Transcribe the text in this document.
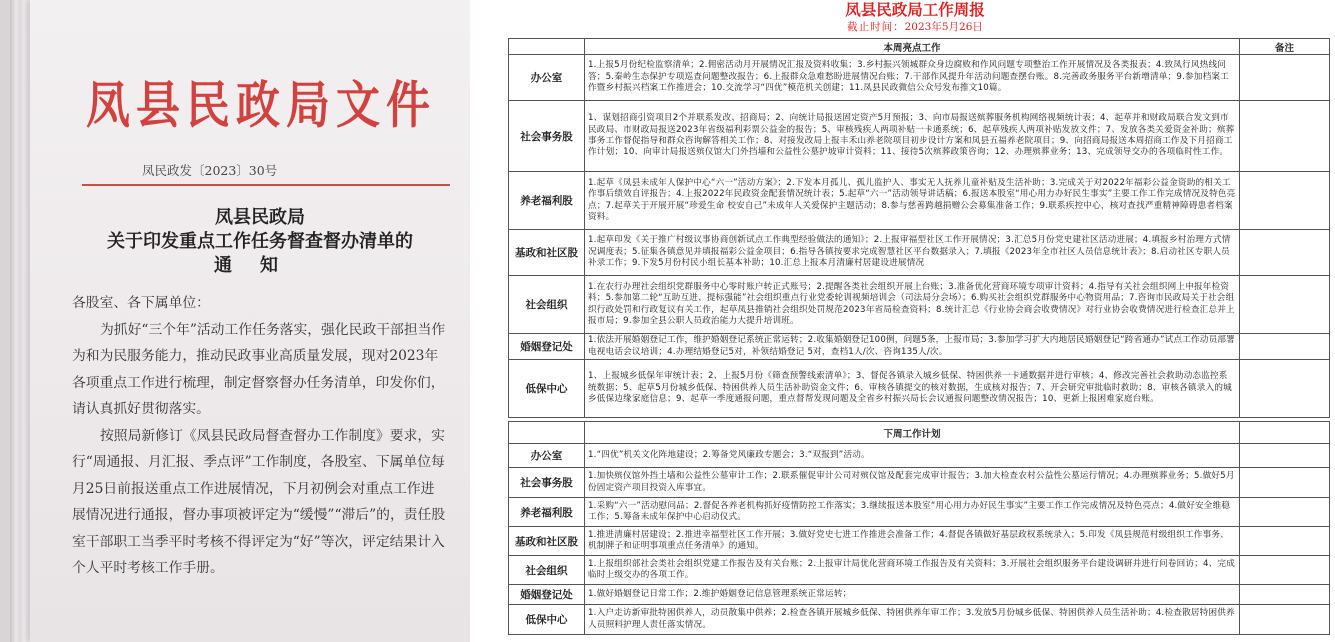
凤县民政局文件
凤民政发〔2023〕30号
凤县民政局
关于印发重点工作任务督查督办清单的
通知

各股室、各下属单位：

为抓好“三个年”活动工作任务落实，强化民政干部担当作为和为民服务能力，推动民政事业高质量发展，现对2023年各项重点工作进行梳理，制定督察督办任务清单，印发你们，请认真抓好贯彻落实。

按照局新修订《凤县民政局督查督办工作制度》要求，实行“周通报、月汇报、季点评”工作制度，各股室、下属单位每月25日前报送重点工作进展情况，下月初例会对重点工作进展情况进行通报，督办事项被评定为“缓慢”“滞后”的，责任股室干部职工当季平时考核不得评定为“好”等次，评定结果计入个人平时考核工作手册。

凤县民政局工作周报
截止时间：2023年5月26日
	本周亮点工作	备注
办公室	1.上报5月份纪检监察清单；2.佣密活动月开展情况汇报及资料收集；3.乡村振兴领城群众身边腐败和作风问题专项整治工作开展情况及各类报表；4.致凤行风热线问答；5.秦岭生态保护专项巡查问题整改报告；6.上报群众急难愁盼进展情况台账；7.干部作风提升年活动问题查摆台账。8.完善政务服务平台新增清单；9.参加档案工作暨乡村振兴档案工作推进会；10.交流学习“四优”模范机关创建；11.凤县民政微信公众号发布推文10篇。	
社会事务股	1、谋划招商引资项目2个并联系发改、招商局；2、向统计局报送固定资产5月预报；3、向市局报送殡葬服务机构网络视频统计表；4、起草并和财政局联合发文到市民政局、市财政局报送2023年省级福利彩票公益金的报告；5、审核残疾人两项补贴一卡通系统；6、起草残疾人两项补贴发放文件；7、发放各类关爱资金补助；殡葬事务工作督促指导和群众咨询解答相关工作；8、对接发改局上报丰禾山养老院项目初步设计方案和凤县五福养老院项目；9、向招商局报送本周招商工作及下月招商工作计划；10、向审计局报送殡仪馆大门外挡墙和公益性公墓护坡审计资料；11、接待5次殡葬政策咨询；12、办理殡葬业务；13、完成领导交办的各项临时性工作。	
养老福利股	1.起草《凤县未成年人保护中心“六一”活动方案》；2.下发本月孤儿、孤儿监护人、事实无人抚养儿童补贴及生活补助；3.完成关于对2022年福彩公益金资助的相关工作事后绩效自评报告；4.上报2022年民政资金配套情况统计表；5.起草“六一”活动领导讲话稿；6.报送本股室“用心用力办好民生事实”主要工作工作完成情况及特色亮点；7.起草关于开展开展“珍爱生命 校安自己”未成年人关爱保护主题活动；8.参与慈善跨越捐赠公会募集准备工作；9.联系疾控中心，核对查找严重精神障碍患者档案资料。	
基政和社区股	1.起草印发《关于推广村级议事协商创新试点工作典型经验做法的通知》；2.上报审福型社区工作开展情况；3.汇总5月份党史建社区活动进展；4.填报乡村治理方式情况调度表；5.征集各镇意见并填报福彩公益金项目；6.指导各镇按要求完成智慧社区平台数据录入；7.填报《2023年全市社区人员信息统计表》；8.启动社区专职人员补录工作；9.下发5月份村民小组长基本补助；10.汇总上报本月清廉村居建设进展情况	
社会组织	1.在农行办理社会组织党群服务中心零时账户转正式账号；2.提醒各类社会组织开展上台账；3.准备优化营商环境专项审计资料；4.指导有关社会组织网上申报年检资料；5.参加第二轮“互助互进、提标强能”社会组织重点行业党委轮训视频培训会（司法局分会场）；6.购买社会组织党群服务中心物资用品；7.咨询市民政局关于社会组织行政处罚和行政复议有关工作，起草凤县推销社会组织处罚规范2023年省局检查资料；8.统计汇总《行业协会商会收费情况》对行业协会收费情况进行检查汇总并上报市局；9.参加全县公职人员政治能力大提升培训班。	
婚姻登记处	1.依法开展婚姻登记工作，维护婚姻登记系统正常运转；2.收集婚姻登记100例，问题5条，上报市局；3.参加学习扩大内地居民婚姻登记“跨省通办”试点工作动员部署电视电话会议培训；4.办理结婚登记5对，补领结婚登记 5对，查档1人/次、咨询135人/次。	
低保中心	1、上报城乡低保年审统计表；2、上报5月份《筛查预警线索清单》；3、督促各镇录入城乡低保、特困供养一卡通数据并进行审核；4、修改完善社会救助动态监控系统数据；5、起草5月份城乡低保、特困供养人员生活补助资金文件；6、审核各镇提交的核对数据，生成核对报告；7、开会研究审批临时救助；8、审核各镇录入的城乡低保边缘家庭信息；9、起草一季度通报问题，重点督帮发现问题及全省乡村振兴局长会议通报问题整改情况报告；10、更新上报困难家庭台账。	
	下周工作计划	
办公室	1.“四优”机关文化阵地建设；2.筹备党风廉政专题会；3.“双报到”活动。	
社会事务股	1.加快殡仪馆外挡土墙和公益性公墓审计工作；2.联系催促审计公司对殡仪馆及配套完成审计报告；3.加大检查农村公益性公墓运行情况；4.办理殡葬业务；5.做好5月份固定资产项目投资入库事宜。	
养老福利股	1.采购“六一”活动慰问品；2.督促各养老机构抓好疫情防控工作落实；3.继续报送本股室“用心用力办好民生事实”主要工作工作完成情况及特色亮点；4.做好安全维稳工作；5.筹备未成年保护中心启动仪式。	
基政和社区股	1.推进清廉村居建设；2.推进幸福型社区工作开展；3.做好党史七进工作推进会准备工作；4.督促各镇做好基层政权系统录入；5.印发《凤县规范村级组织工作事务、机制牌子和证明事项重点任务清单》的通知。	
社会组织	1.上报组织部社会类社会组织党建工作报告及有关台账；2.上报审计局优化营商环境工作报告及有关资料；3.开展社会组织服务平台建设调研并进行问卷回访；4、完成临时上级交办的各项工作。	
婚姻登记处	1.做好婚姻登记日常工作；2.维护婚姻登记信息管理系统正常运转；	
低保中心	1.入户走访新审批特困供养人，动员散集中供养；2.检查各镇开展城乡低保、特困供养年审工作；3.发放5月份城乡低保、特困供养人员生活补助；4.检查散居特困供养人员照料护理人责任落实情况。	
